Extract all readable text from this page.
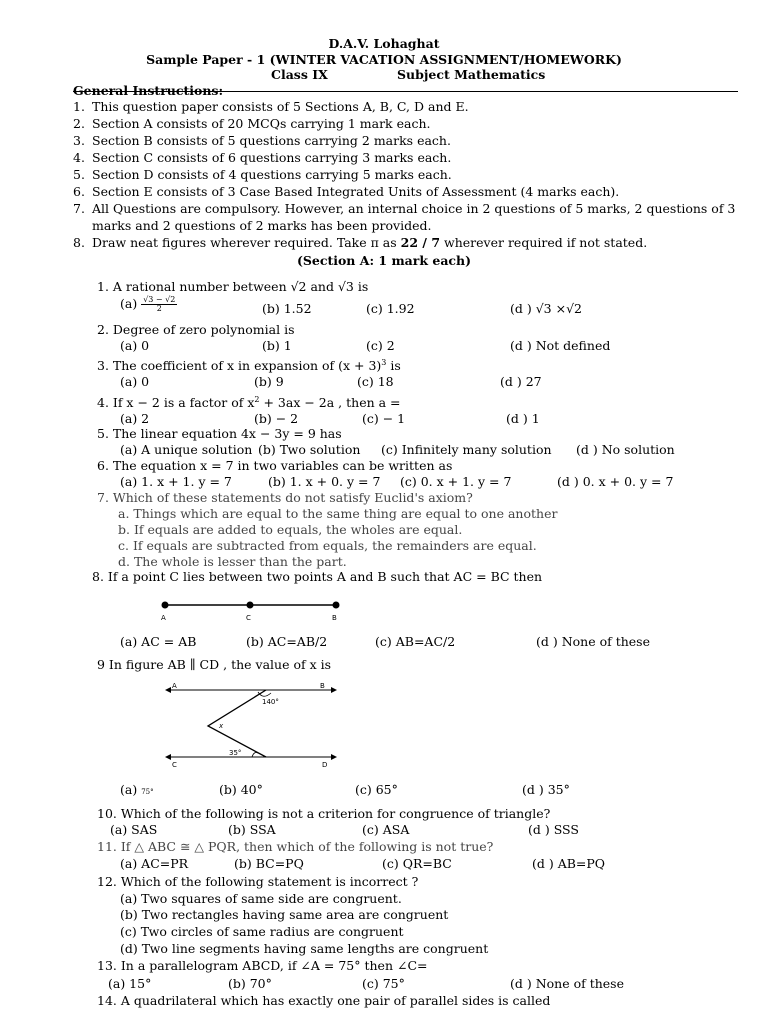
D.A.V. Lohaghat
Sample Paper - 1 (WINTER VACATION ASSIGNMENT/HOMEWORK)
Class IX	Subject Mathematics
General Instructions:
1. This question paper consists of 5 Sections A, B, C, D and E.
2. Section A consists of 20 MCQs carrying 1 mark each.
3. Section B consists of 5 questions carrying 2 marks each.
4. Section C consists of 6 questions carrying 3 marks each.
5. Section D consists of 4 questions carrying 5 marks each.
6. Section E consists of 3 Case Based Integrated Units of Assessment (4 marks each).
7. All Questions are compulsory. However, an internal choice in 2 questions of 5 marks, 2 questions of 3
marks and 2 questions of 2 marks has been provided.
8. Draw neat figures wherever required. Take π as 22 / 7 wherever required if not stated.
(Section A: 1 mark each)
1. A rational number between √2 and √3 is
$(a) \frac{√3 - √2}{2}$	(b) 1.52	(c) 1.92	(d ) √3 ×√2
2. Degree of zero polynomial is
(a) 0	(b) 1	(c) 2	(d ) Not defined
3. The coefficient of x in expansion of $(x + 3)^3$ is
(a) 0	(b) 9	(c) 18	(d ) 27
4. If x − 2 is a factor of $x^2 + 3ax - 2a$ , then a =
(a) 2	(b) − 2	(c) − 1	(d ) 1
5. The linear equation 4x − 3y = 9 has
(a) A unique solution (b) Two solution (c) Infinitely many solution (d ) No solution
6. The equation x = 7 in two variables can be written as
(a) 1. x + 1. y = 7	(b) 1. x + 0. y = 7 (c) 0. x + 1. y = 7	(d ) 0. x + 0. y = 7
7. Which of these statements do not satisfy Euclid's axiom?
a. Things which are equal to the same thing are equal to one another
b. If equals are added to equals, the wholes are equal.
c. If equals are subtracted from equals, the remainders are equal.
d. The whole is lesser than the part.
8. If a point C lies between two points A and B such that AC = BC then
A	C	B
(a) AC = AB	(b) AC=AB/2	(c) AB=AC/2	(d ) None of these
9 In figure AB ∥ CD , the value of x is
A	B
C	D
140°
35°
x
(a) 75°	(b) 40°	(c) 65°	(d ) 35°
10. Which of the following is not a criterion for congruence of triangle?
(a) SAS	(b) SSA	(c) ASA	(d ) SSS
11. If △ ABC ≅ △ PQR, then which of the following is not true?
(a) AC=PR	(b) BC=PQ	(c) QR=BC	(d ) AB=PQ
12. Which of the following statement is incorrect ?
(a) Two squares of same side are congruent.
(b) Two rectangles having same area are congruent
(c) Two circles of same radius are congruent
(d) Two line segments having same lengths are congruent
13. In a parallelogram ABCD, if ∠A = 75° then ∠C=
(a) 15°	(b) 70°	(c) 75°	(d ) None of these
14. A quadrilateral which has exactly one pair of parallel sides is called
